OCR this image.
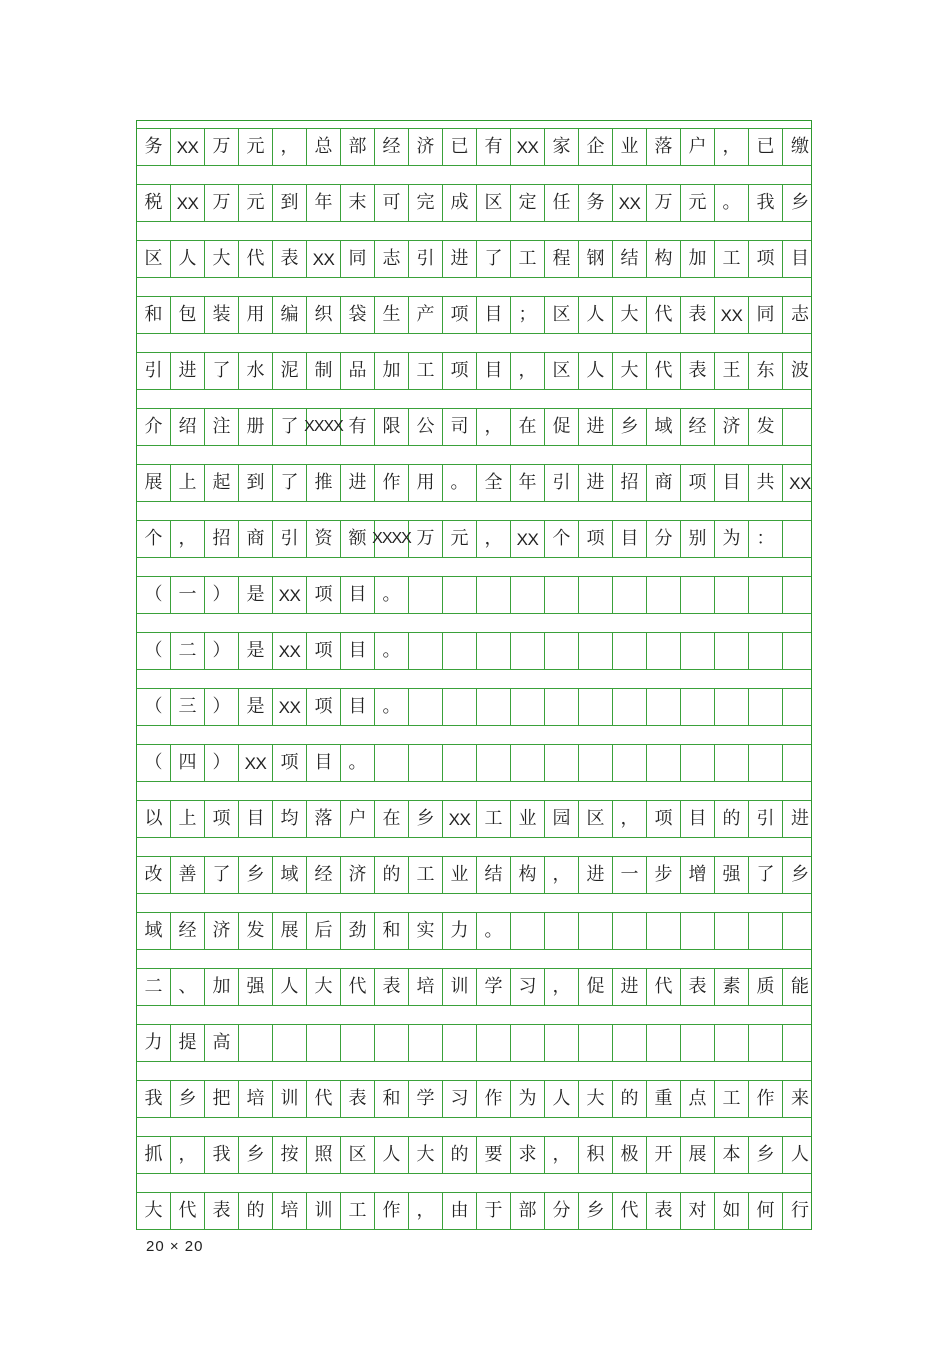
务 XX 万 元 ， 总 部 经 济 已 有 XX 家 企 业 落 户 ， 已 缴
税 XX 万 元 到 年 末 可 完 成 区 定 任 务 XX 万 元 。 我 乡
区 人 大 代 表 XX 同 志 引 进 了 工 程 钢 结 构 加 工 项 目
和 包 装 用 编 织 袋 生 产 项 目 ； 区 人 大 代 表 XX 同 志
引 进 了 水 泥 制 品 加 工 项 目 ， 区 人 大 代 表 王 东 波
介 绍 注 册 了 XXXX 有 限 公 司 ， 在 促 进 乡 域 经 济 发
展 上 起 到 了 推 进 作 用 。 全 年 引 进 招 商 项 目 共 XX
个 ， 招 商 引 资 额 XXXX 万 元 ， XX 个 项 目 分 别 为 ：
（ 一 ） 是 XX 项 目 。
（ 二 ） 是 XX 项 目 。
（ 三 ） 是 XX 项 目 。
（ 四 ） XX 项 目 。
以 上 项 目 均 落 户 在 乡 XX 工 业 园 区 ， 项 目 的 引 进
改 善 了 乡 域 经 济 的 工 业 结 构 ， 进 一 步 增 强 了 乡
域 经 济 发 展 后 劲 和 实 力 。
二 、 加 强 人 大 代 表 培 训 学 习 ， 促 进 代 表 素 质 能
力 提 高
我 乡 把 培 训 代 表 和 学 习 作 为 人 大 的 重 点 工 作 来
抓 ， 我 乡 按 照 区 人 大 的 要 求 ， 积 极 开 展 本 乡 人
大 代 表 的 培 训 工 作 ， 由 于 部 分 乡 代 表 对 如 何 行
20 × 20
